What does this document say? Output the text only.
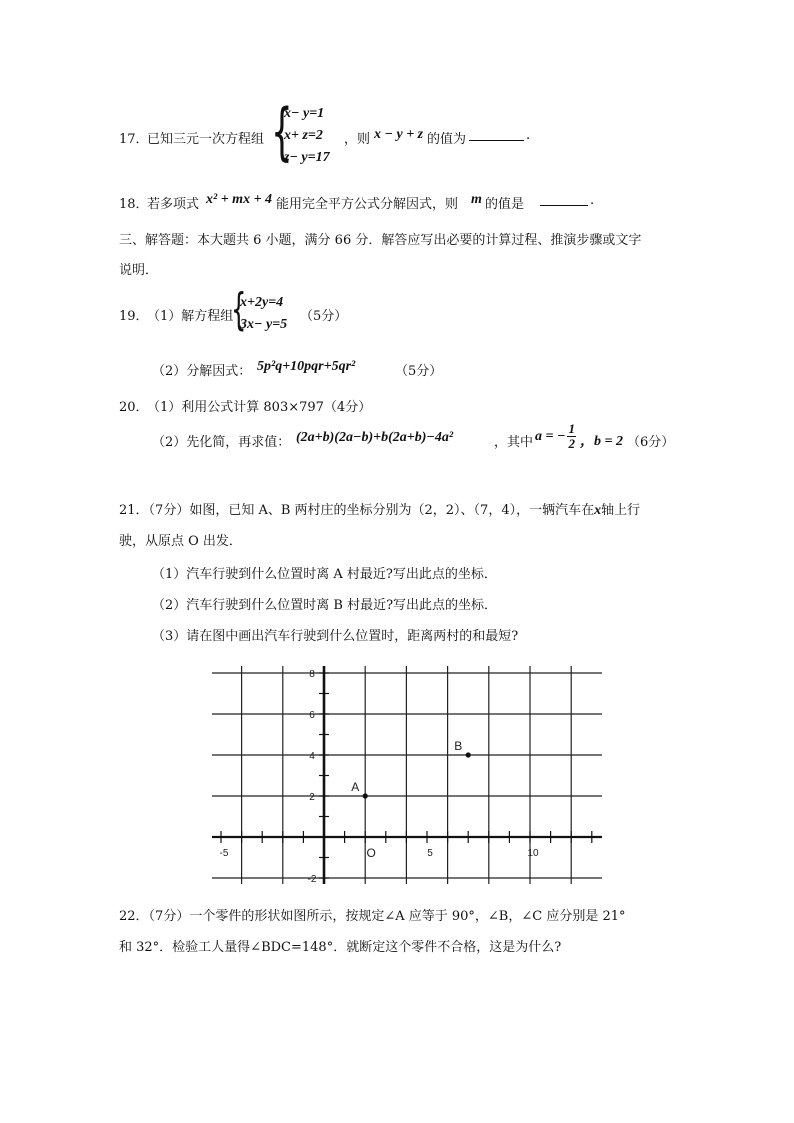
17．
已知三元一次方程组 {
x− y=1
x+ z=2
z− y=17
，则 x − y + z 的值为	.
18．
若多项式 x² + mx + 4 能用完全平方公式分解因式，则 m 的值是	.
三、解答题：本大题共 6 小题，满分 66 分．解答应写出必要的计算过程、推演步骤或文字
说明．
19．
（1）解方程组
{
x+2y=4
3x− y=5
（5分）
（2）分解因式： 5p²q+10pqr+5qr²	（5分）
20．
（1）利用公式计算 803×797（4分）
（2）先化简，再求值： (2a+b)(2a−b)+b(2a+b)−4a²	，其中 a = − $\frac{1}{2}$ ，b = 2 （6分）
21．（7分）如图，已知 A、B 两村庄的坐标分别为（2，2）、（7，4），一辆汽车在x轴上行
驶，从原点 O 出发．
（1）汽车行驶到什么位置时离 A 村最近?写出此点的坐标．
（2）汽车行驶到什么位置时离 B 村最近?写出此点的坐标．
（3）请在图中画出汽车行驶到什么位置时，距离两村的和最短?
-5	5	10
8
6
4
2
-2
O
A
B
22．（7分）一个零件的形状如图所示，按规定∠A 应等于 90°，∠B，∠C 应分别是 21°
和 32°．检验工人量得∠BDC=148°．就断定这个零件不合格，这是为什么?
